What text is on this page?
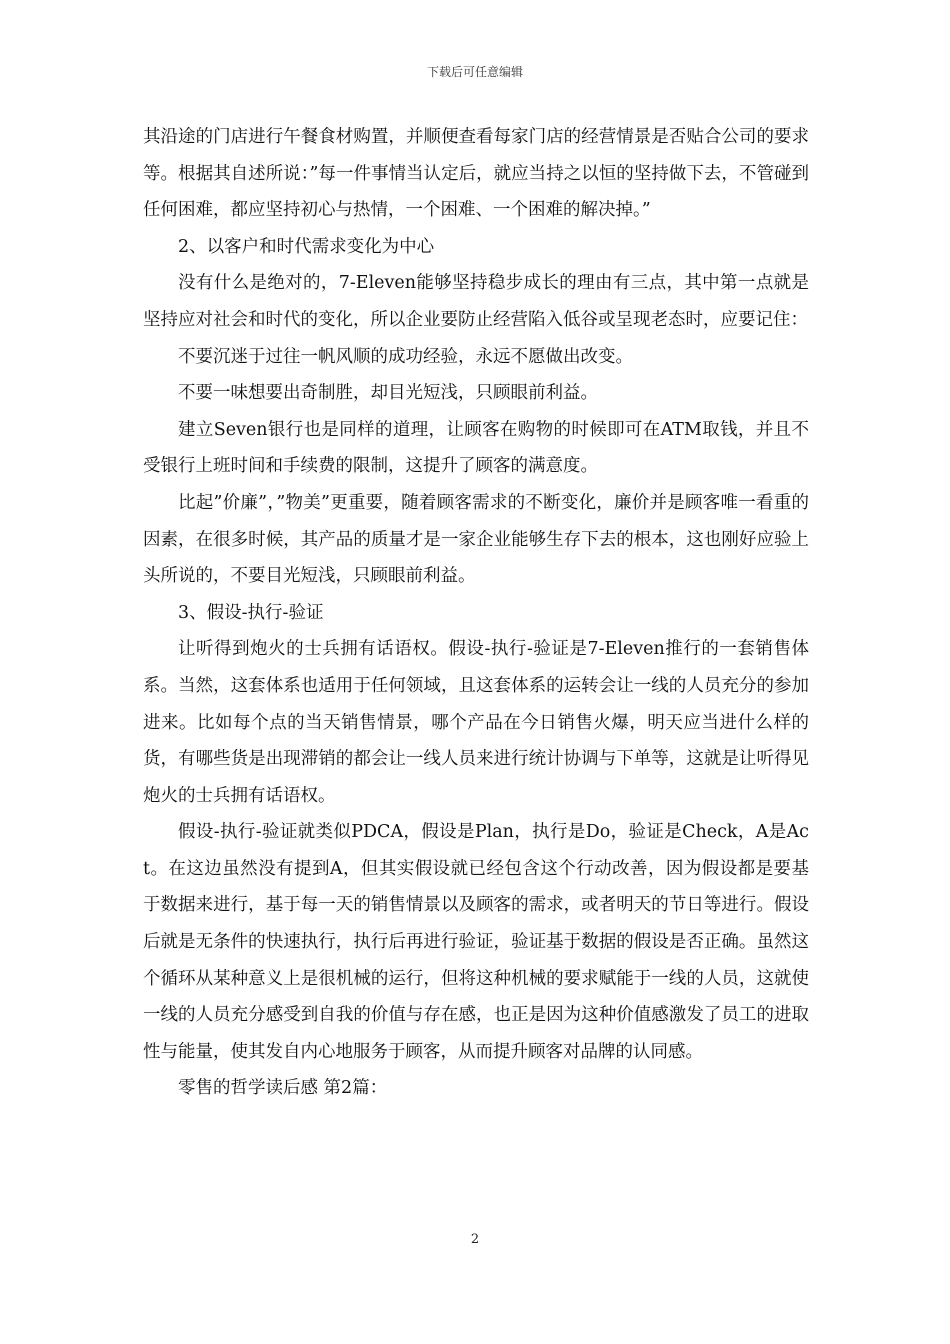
下载后可任意编辑

其沿途的门店进行午餐食材购置，并顺便查看每家门店的经营情景是否贴合公司的要求等。根据其自述所说：”每一件事情当认定后，就应当持之以恒的坚持做下去，不管碰到任何困难，都应坚持初心与热情，一个困难、一个困难的解决掉。”

2、以客户和时代需求变化为中心

没有什么是绝对的，7-Eleven能够坚持稳步成长的理由有三点，其中第一点就是坚持应对社会和时代的变化，所以企业要防止经营陷入低谷或呈现老态时，应要记住：

不要沉迷于过往一帆风顺的成功经验，永远不愿做出改变。

不要一味想要出奇制胜，却目光短浅，只顾眼前利益。

建立Seven银行也是同样的道理，让顾客在购物的时候即可在ATM取钱，并且不受银行上班时间和手续费的限制，这提升了顾客的满意度。

比起”价廉”，”物美”更重要，随着顾客需求的不断变化，廉价并是顾客唯一看重的因素，在很多时候，其产品的质量才是一家企业能够生存下去的根本，这也刚好应验上头所说的，不要目光短浅，只顾眼前利益。

3、假设-执行-验证

让听得到炮火的士兵拥有话语权。假设-执行-验证是7-Eleven推行的一套销售体系。当然，这套体系也适用于任何领域，且这套体系的运转会让一线的人员充分的参加进来。比如每个点的当天销售情景，哪个产品在今日销售火爆，明天应当进什么样的货，有哪些货是出现滞销的都会让一线人员来进行统计协调与下单等，这就是让听得见炮火的士兵拥有话语权。

假设-执行-验证就类似PDCA，假设是Plan，执行是Do，验证是Check，A是Act。在这边虽然没有提到A，但其实假设就已经包含这个行动改善，因为假设都是要基于数据来进行，基于每一天的销售情景以及顾客的需求，或者明天的节日等进行。假设后就是无条件的快速执行，执行后再进行验证，验证基于数据的假设是否正确。虽然这个循环从某种意义上是很机械的运行，但将这种机械的要求赋能于一线的人员，这就使一线的人员充分感受到自我的价值与存在感，也正是因为这种价值感激发了员工的进取性与能量，使其发自内心地服务于顾客，从而提升顾客对品牌的认同感。

零售的哲学读后感 第2篇：

2
